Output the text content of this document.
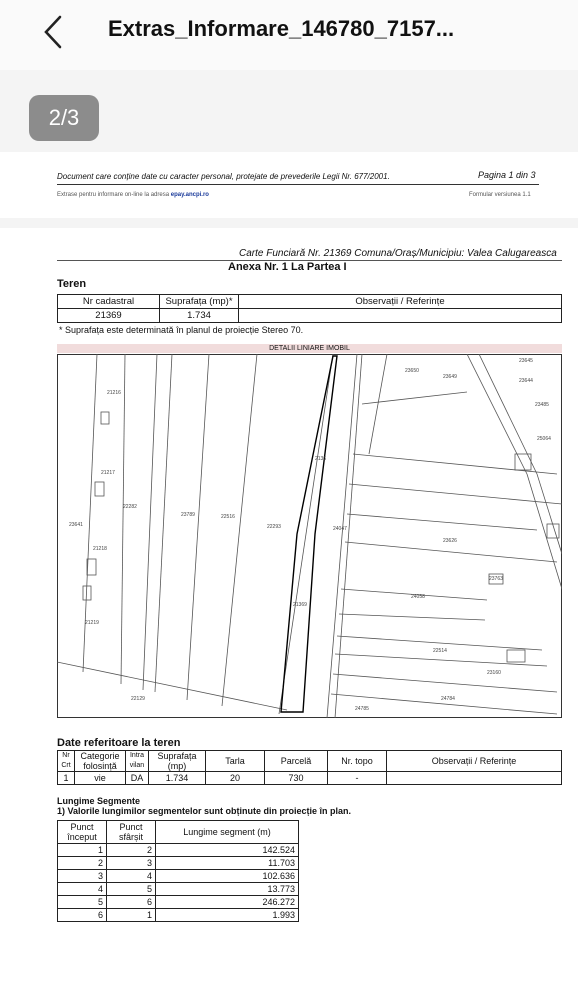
Extras_Informare_146780_7157...
2/3
Document care conține date cu caracter personal, protejate de prevederile Legii Nr. 677/2001.	Pagina 1 din 3
Extrase pentru informare on-line la adresa epay.ancpi.ro	Formular versiunea 1.1
Carte Funciară Nr. 21369 Comuna/Oraș/Municipiu: Valea Calugareasca
Anexa Nr. 1 La Partea I
Teren
Nr cadastral	Suprafața (mp)*	Observații / Referințe
21369	1.734	
* Suprafața este determinată în planul de proiecție Stereo 70.
DETALII LINIARE IMOBIL
21216
21217
21218
21219
23641
22282
23789	22516
22293
21369
24047
23650
23649
23645
23644
23485
25064
23626
23763
24058
22514
23160
24784
24785
22129
2136
Date referitoare la teren
Nr Crt	Categorie folosință	Intra vilan	Suprafața (mp)	Tarla	Parcelă	Nr. topo	Observații / Referințe
1	vie	DA	1.734	20	730	-	
Lungime Segmente
1) Valorile lungimilor segmentelor sunt obținute din proiecție în plan.
Punct început	Punct sfârșit	Lungime segment (m)
1	2	142.524
2	3	11.703
3	4	102.636
4	5	13.773
5	6	246.272
6	1	1.993
